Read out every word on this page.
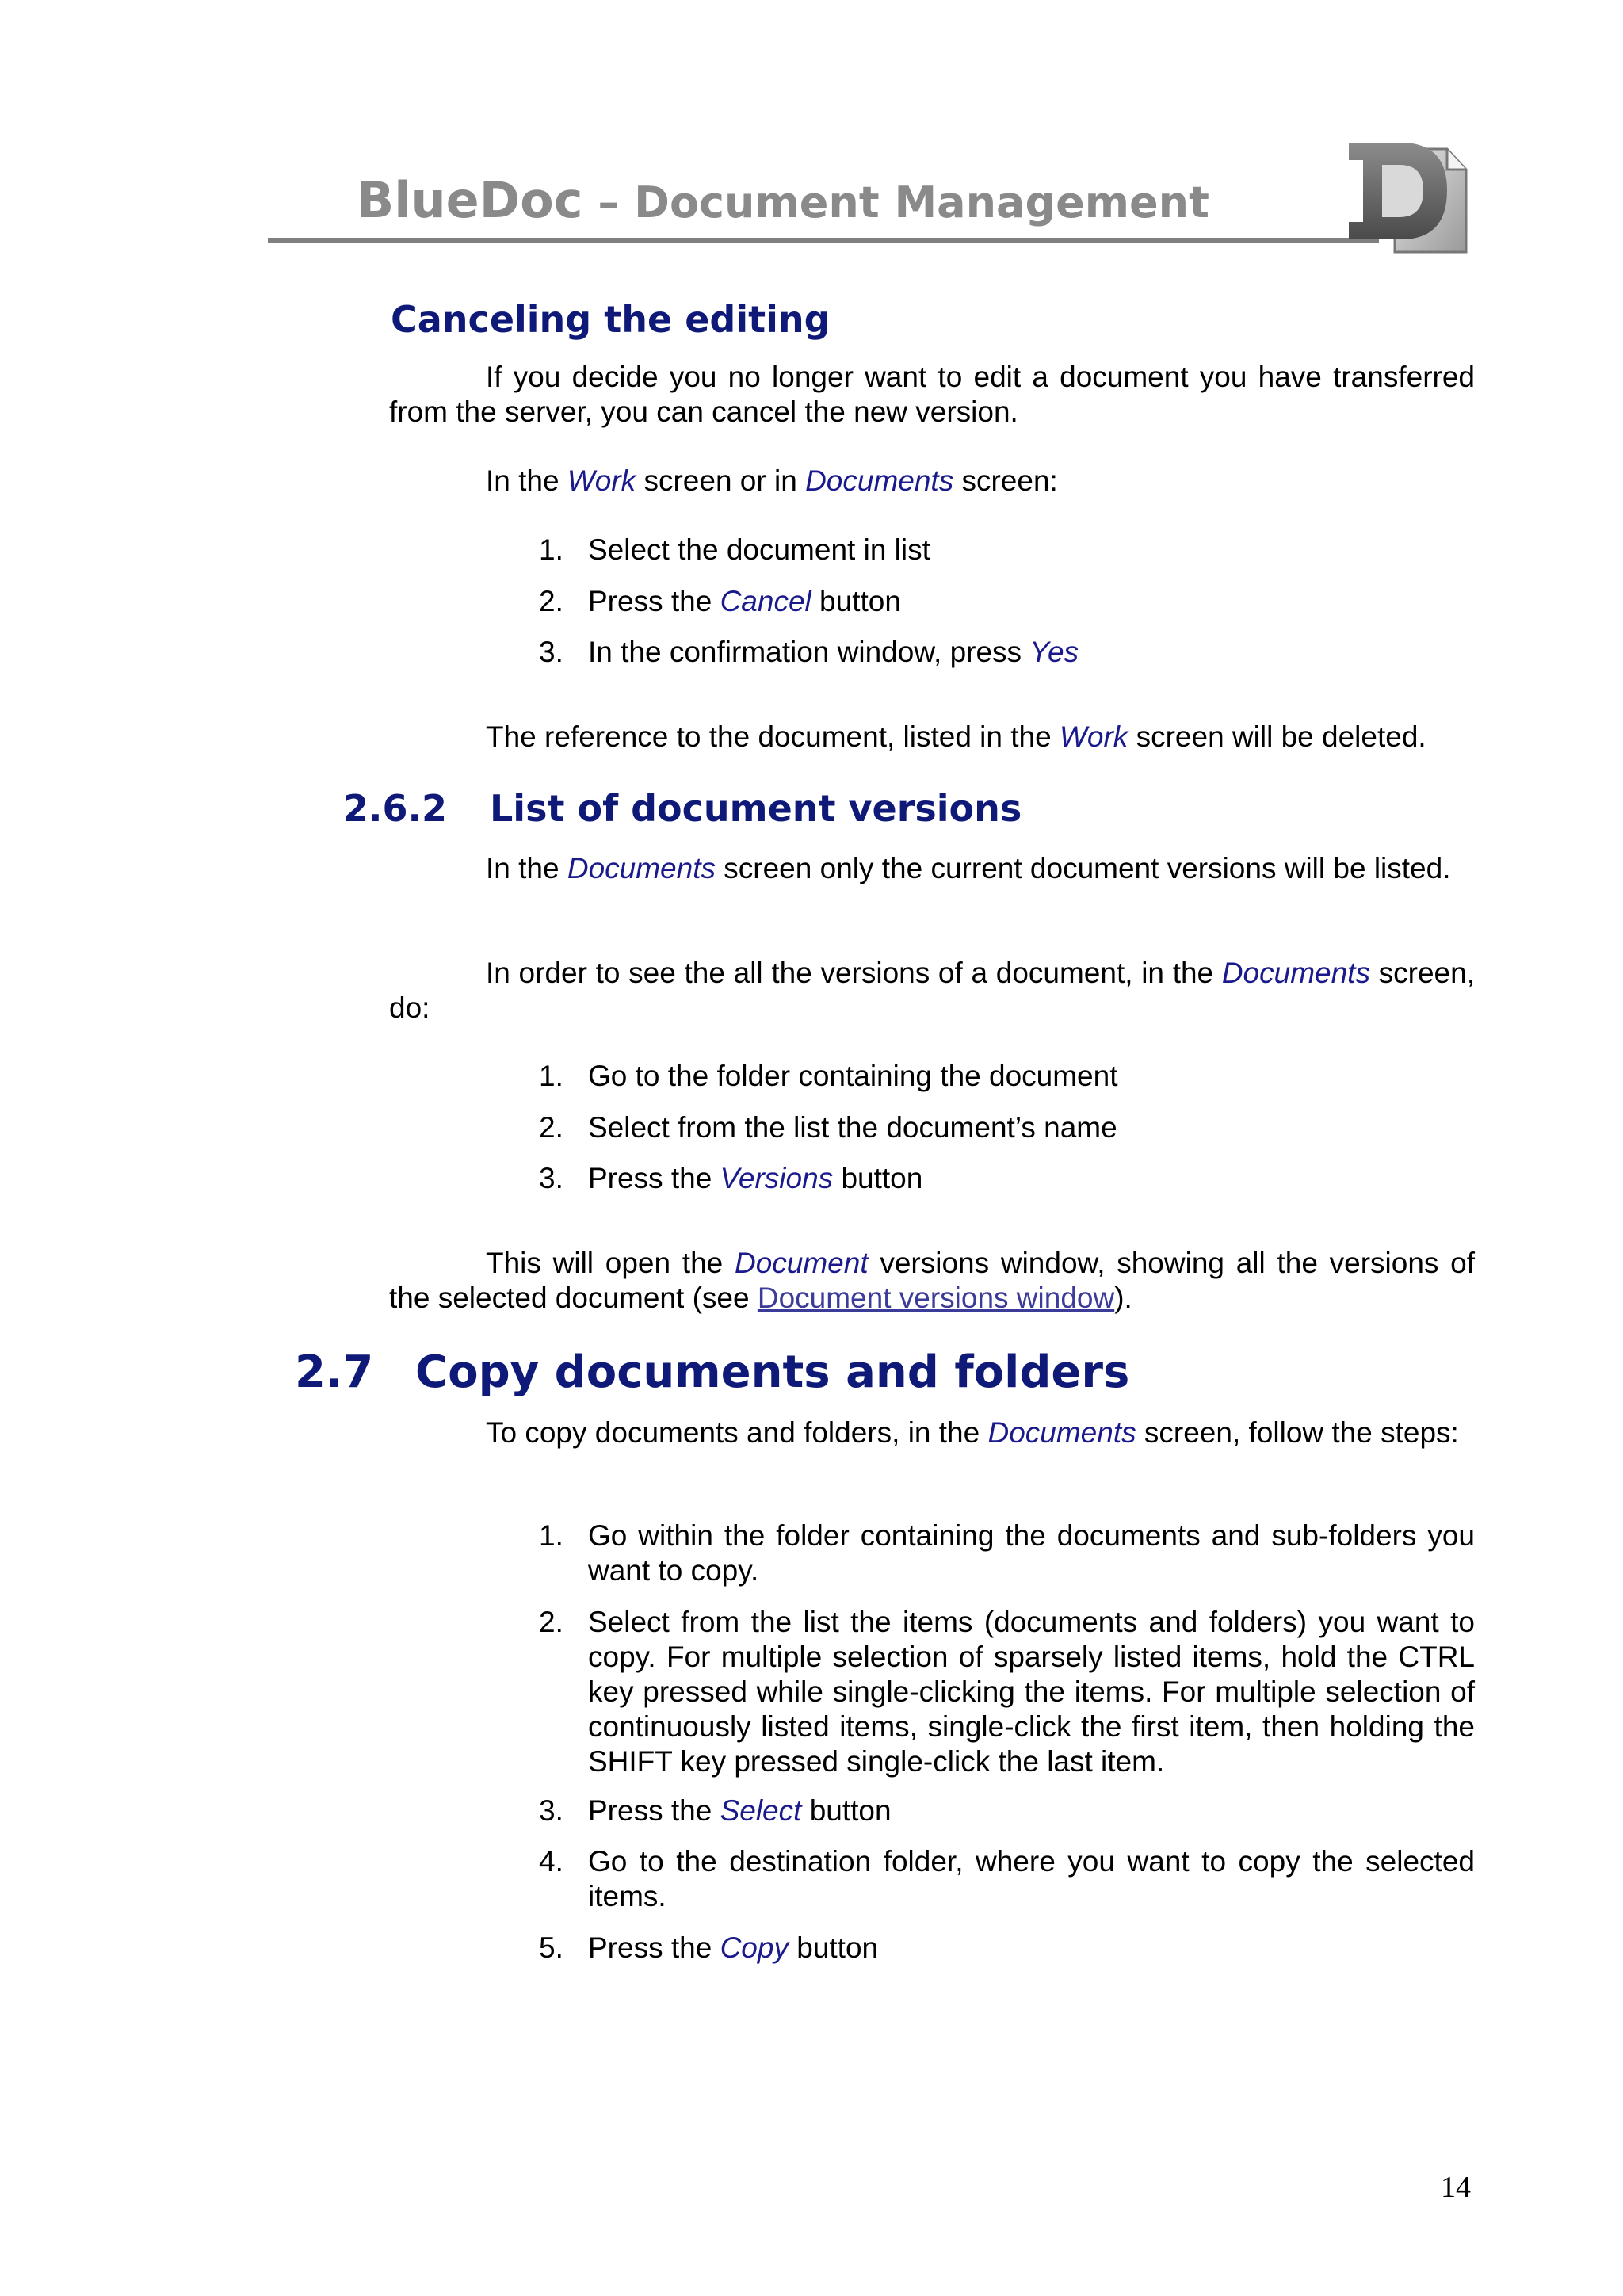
BlueDoc – Document Management
Canceling the editing

If you decide you no longer want to edit a document you have transferred from the server, you can cancel the new version.

In the Work screen or in Documents screen:

1. Select the document in list
2. Press the Cancel button
3. In the confirmation window, press Yes

The reference to the document, listed in the Work screen will be deleted.

2.6.2 List of document versions

In the Documents screen only the current document versions will be listed.

In order to see the all the versions of a document, in the Documents screen, do:

1. Go to the folder containing the document
2. Select from the list the document’s name
3. Press the Versions button

This will open the Document versions window, showing all the versions of the selected document (see Document versions window).

2.7 Copy documents and folders

To copy documents and folders, in the Documents screen, follow the steps:

1. Go within the folder containing the documents and sub-folders you want to copy.
2. Select from the list the items (documents and folders) you want to copy. For multiple selection of sparsely listed items, hold the CTRL key pressed while single-clicking the items. For multiple selection of continuously listed items, single-click the first item, then holding the SHIFT key pressed single-click the last item.
3. Press the Select button
4. Go to the destination folder, where you want to copy the selected items.
5. Press the Copy button
14
